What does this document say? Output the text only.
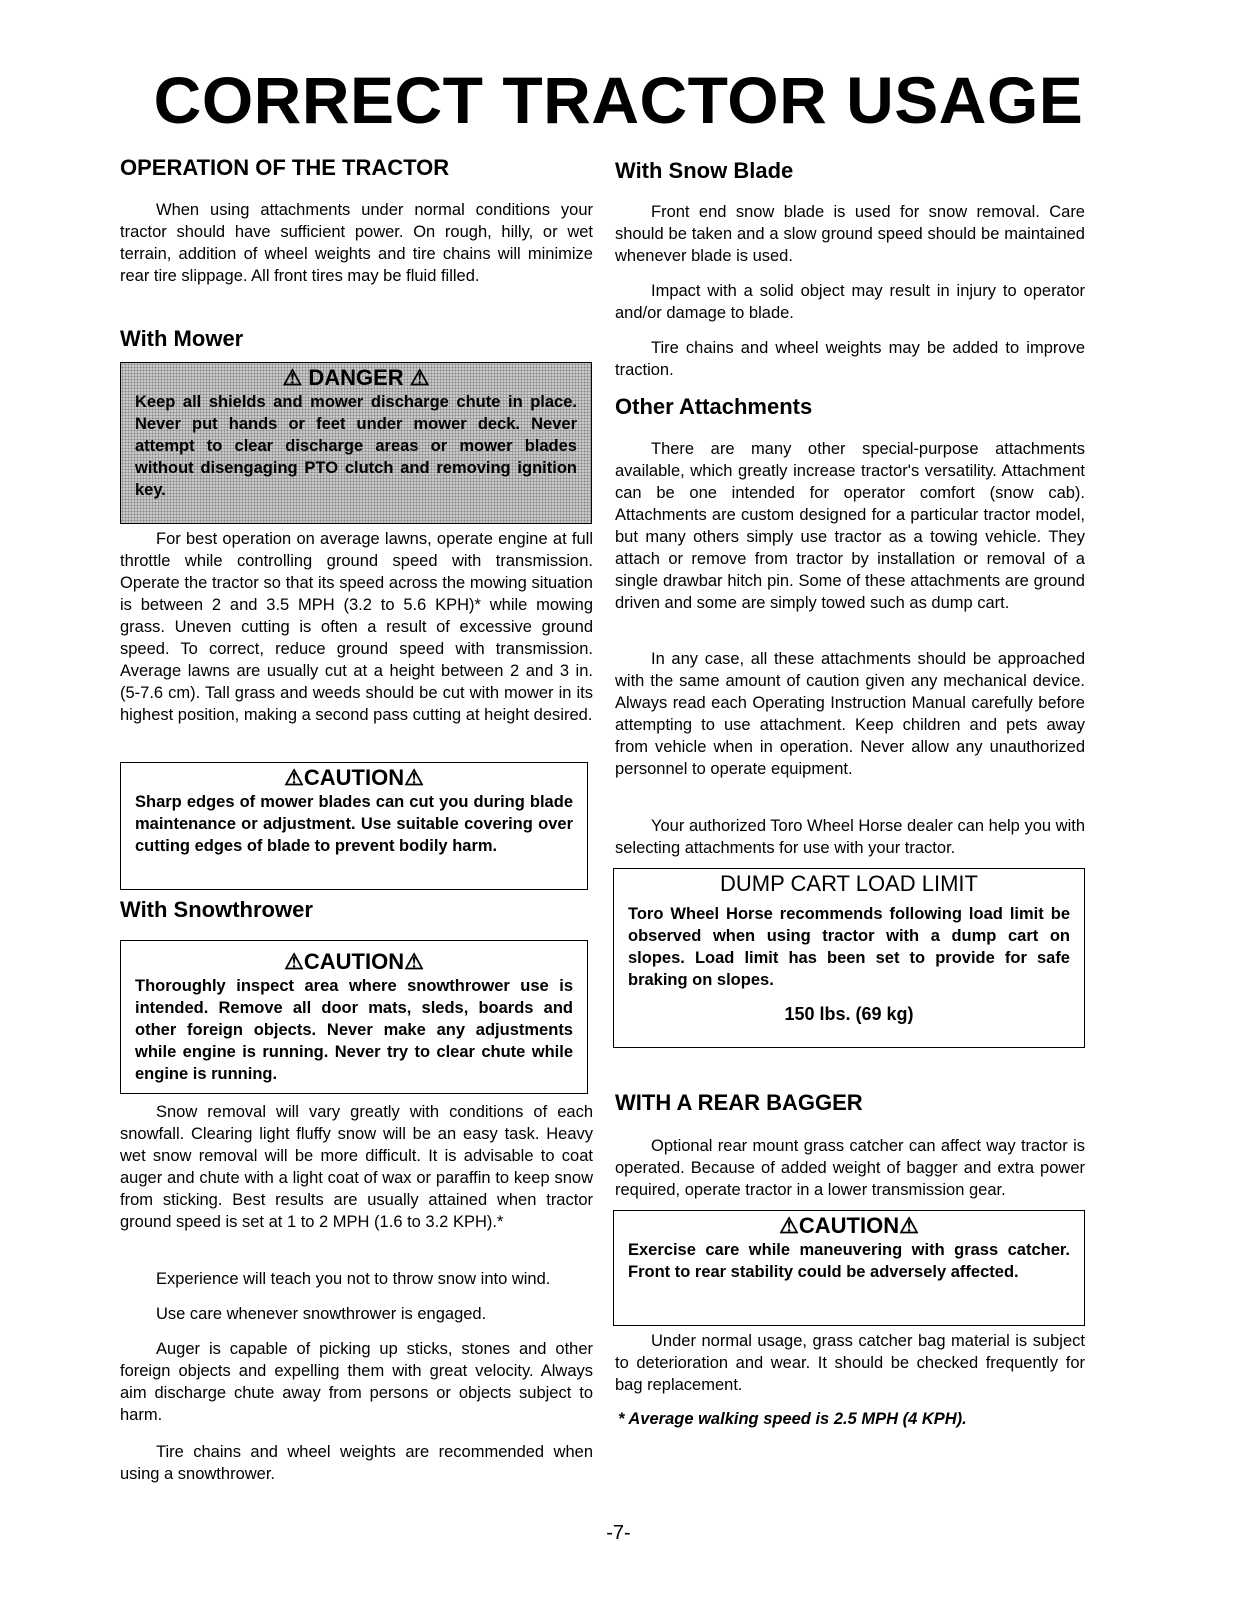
CORRECT TRACTOR USAGE
OPERATION OF THE TRACTOR

When using attachments under normal conditions your tractor should have sufficient power. On rough, hilly, or wet terrain, addition of wheel weights and tire chains will minimize rear tire slippage. All front tires may be fluid filled.

With Mower
⚠ DANGER ⚠
Keep all shields and mower discharge chute in place. Never put hands or feet under mower deck. Never attempt to clear discharge areas or mower blades without disengaging PTO clutch and removing ignition key.

For best operation on average lawns, operate engine at full throttle while controlling ground speed with transmission. Operate the tractor so that its speed across the mowing situation is between 2 and 3.5 MPH (3.2 to 5.6 KPH)* while mowing grass. Uneven cutting is often a result of excessive ground speed. To correct, reduce ground speed with transmission. Average lawns are usually cut at a height between 2 and 3 in. (5-7.6 cm). Tall grass and weeds should be cut with mower in its highest position, making a second pass cutting at height desired.

⚠CAUTION⚠
Sharp edges of mower blades can cut you during blade maintenance or adjustment. Use suitable covering over cutting edges of blade to prevent bodily harm.
With Snowthrower
⚠CAUTION⚠
Thoroughly inspect area where snowthrower use is intended. Remove all door mats, sleds, boards and other foreign objects. Never make any adjustments while engine is running. Never try to clear chute while engine is running.

Snow removal will vary greatly with conditions of each snowfall. Clearing light fluffy snow will be an easy task. Heavy wet snow removal will be more difficult. It is advisable to coat auger and chute with a light coat of wax or paraffin to keep snow from sticking. Best results are usually attained when tractor ground speed is set at 1 to 2 MPH (1.6 to 3.2 KPH).*

Experience will teach you not to throw snow into wind.

Use care whenever snowthrower is engaged.

Auger is capable of picking up sticks, stones and other foreign objects and expelling them with great velocity. Always aim discharge chute away from persons or objects subject to harm.

Tire chains and wheel weights are recommended when using a snowthrower.

With Snow Blade

Front end snow blade is used for snow removal. Care should be taken and a slow ground speed should be maintained whenever blade is used.

Impact with a solid object may result in injury to operator and/or damage to blade.

Tire chains and wheel weights may be added to improve traction.

Other Attachments

There are many other special-purpose attachments available, which greatly increase tractor's versatility. Attachment can be one intended for operator comfort (snow cab). Attachments are custom designed for a particular tractor model, but many others simply use tractor as a towing vehicle. They attach or remove from tractor by installation or removal of a single drawbar hitch pin. Some of these attachments are ground driven and some are simply towed such as dump cart.

In any case, all these attachments should be approached with the same amount of caution given any mechanical device. Always read each Operating Instruction Manual carefully before attempting to use attachment. Keep children and pets away from vehicle when in operation. Never allow any unauthorized personnel to operate equipment.

Your authorized Toro Wheel Horse dealer can help you with selecting attachments for use with your tractor.

DUMP CART LOAD LIMIT
Toro Wheel Horse recommends following load limit be observed when using tractor with a dump cart on slopes. Load limit has been set to provide for safe braking on slopes.
150 lbs. (69 kg)
WITH A REAR BAGGER

Optional rear mount grass catcher can affect way tractor is operated. Because of added weight of bagger and extra power required, operate tractor in a lower transmission gear.

⚠CAUTION⚠
Exercise care while maneuvering with grass catcher. Front to rear stability could be adversely affected.

Under normal usage, grass catcher bag material is subject to deterioration and wear. It should be checked frequently for bag replacement.

* Average walking speed is 2.5 MPH (4 KPH).
-7-
